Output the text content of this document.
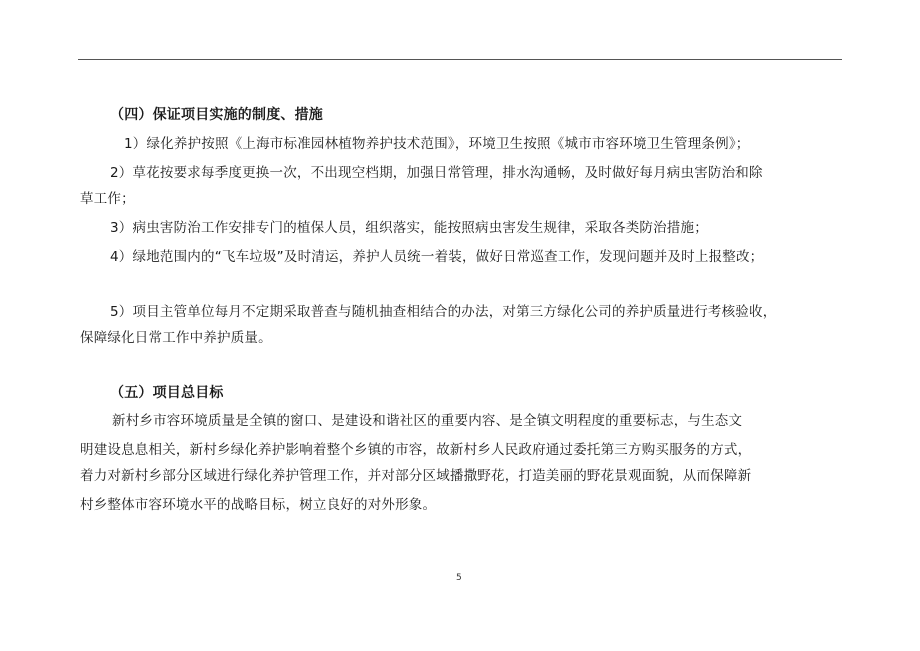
（四）保证项目实施的制度、措施
1）绿化养护按照《上海市标准园林植物养护技术范围》，环境卫生按照《城市市容环境卫生管理条例》；
2）草花按要求每季度更换一次，不出现空档期，加强日常管理，排水沟通畅，及时做好每月病虫害防治和除
草工作；
3）病虫害防治工作安排专门的植保人员，组织落实，能按照病虫害发生规律，采取各类防治措施；
4）绿地范围内的“飞车垃圾”及时清运，养护人员统一着装，做好日常巡查工作，发现问题并及时上报整改；
5）项目主管单位每月不定期采取普查与随机抽查相结合的办法，对第三方绿化公司的养护质量进行考核验收，
保障绿化日常工作中养护质量。
（五）项目总目标
新村乡市容环境质量是全镇的窗口、是建设和谐社区的重要内容、是全镇文明程度的重要标志，与生态文
明建设息息相关，新村乡绿化养护影响着整个乡镇的市容，故新村乡人民政府通过委托第三方购买服务的方式，
着力对新村乡部分区域进行绿化养护管理工作，并对部分区域播撒野花，打造美丽的野花景观面貌，从而保障新
村乡整体市容环境水平的战略目标，树立良好的对外形象。
5
